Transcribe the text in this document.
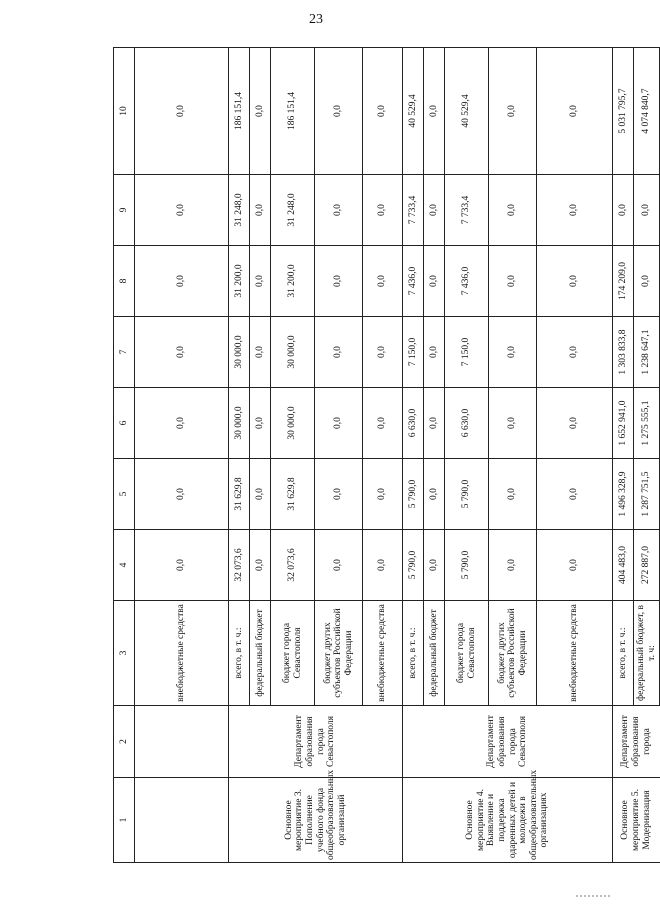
23
1	2	3	4	5	6	7	8	9	10
		внебюджетные средства	0,0	0,0	0,0	0,0	0,0	0,0	0,0
Основное мероприятие 3. Пополнение учебного фонда общеобразовательных организаций	Департамент образования города Севастополя	всего, в т. ч.:	32 073,6	31 629,8	30 000,0	30 000,0	31 200,0	31 248,0	186 151,4
		федеральный бюджет	0,0	0,0	0,0	0,0	0,0	0,0	0,0
		бюджет города Севастополя	32 073,6	31 629,8	30 000,0	30 000,0	31 200,0	31 248,0	186 151,4
		бюджет других субъектов Российской Федерации	0,0	0,0	0,0	0,0	0,0	0,0	0,0
		внебюджетные средства	0,0	0,0	0,0	0,0	0,0	0,0	0,0
Основное мероприятие 4. Выявление и поддержка одаренных детей и молодежи в общеобразовательных организациях	Департамент образования города Севастополя	всего, в т. ч.:	5 790,0	5 790,0	6 630,0	7 150,0	7 436,0	7 733,4	40 529,4
		федеральный бюджет	0,0	0,0	0,0	0,0	0,0	0,0	0,0
		бюджет города Севастополя	5 790,0	5 790,0	6 630,0	7 150,0	7 436,0	7 733,4	40 529,4
		бюджет других субъектов Российской Федерации	0,0	0,0	0,0	0,0	0,0	0,0	0,0
		внебюджетные средства	0,0	0,0	0,0	0,0	0,0	0,0	0,0
Основное мероприятие 5. Модернизация	Департамент образования города	всего, в т. ч.:	404 483,0	1 496 328,9	1 652 941,0	1 303 833,8	174 209,0	0,0	5 031 795,7
		федеральный бюджет, в т. ч:	272 887,0	1 287 751,5	1 275 555,1	1 238 647,1	0,0	0,0	4 074 840,7
